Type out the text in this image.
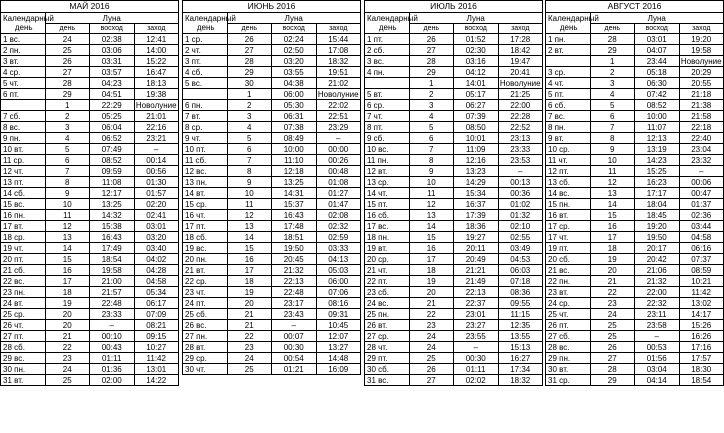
МАЙ 2016			
Календарный
день	Луна		
	день	восход	заход
1 вс.	24	02:38	12:41
2 пн.	25	03:06	14:00
3 вт.	26	03:31	15:22
4 ср.	27	03:57	16:47
5 чт.	28	04:23	18:13
6 пт.	29	04:51	19:38
	1	22:29	Новолуние
7 сб.	2	05:25	21:01
8 вс.	3	06:04	22:16
9 пн.	4	06:52	23:21
10 вт.	5	07:49	–
11 ср.	6	08:52	00:14
12 чт.	7	09:59	00:56
13 пт.	8	11:08	01:30
14 сб.	9	12:17	01:57
15 вс.	10	13:25	02:20
16 пн.	11	14:32	02:41
17 вт.	12	15:38	03:01
18 ср.	13	16:43	03:20
19 чт.	14	17:49	03:40
20 пт.	15	18:54	04:02
21 сб.	16	19:58	04:28
22 вс.	17	21:00	04:58
23 пн.	18	21:57	05:34
24 вт.	19	22:48	06:17
25 ср.	20	23:33	07:09
26 чт.	20	–	08:21
27 пт.	21	00:10	09:15
28 сб.	22	00:43	10:27
29 вс.	23	01:11	11:42
30 пн.	24	01:36	13:01
31 вт.	25	02:00	14:22
ИЮНЬ 2016			
Календарный
день	Луна		
	день	восход	заход
1 ср.	26	02:24	15:44
2 чт.	27	02:50	17:08
3 пт.	28	03:20	18:32
4 сб.	29	03:55	19:51
5 вс.	30	04:38	21:02
	1	06:00	Новолуние
6 пн.	2	05:30	22:02
7 вт.	3	06:31	22:51
8 ср.	4	07:38	23:29
9 чт.	5	08:49	–
10 пт.	6	10:00	00:00
11 сб.	7	11:10	00:26
12 вс.	8	12:18	00:48
13 пн.	9	13:25	01:08
14 вт.	10	14:31	01:27
15 ср.	11	15:37	01:47
16 чт.	12	16:43	02:08
17 пт.	13	17:48	02:32
18 сб.	14	18:51	02:59
19 вс.	15	19:50	03:33
20 пн.	16	20:45	04:13
21 вт.	17	21:32	05:03
22 ср.	18	22:13	06:00
23 чт.	19	22:48	07:06
24 пт.	20	23:17	08:16
25 сб.	21	23:43	09:31
26 вс.	21	–	10:45
27 пн.	22	00:07	12:07
28 вт.	23	00:30	13:27
29 ср.	24	00:54	14:48
30 чт.	25	01:21	16:09
ИЮЛЬ 2016			
Календарный
день	Луна		
	день	восход	заход
1 пт.	26	01:52	17:28
2 сб.	27	02:30	18:42
3 вс.	28	03:16	19:47
4 пн.	29	04:12	20:41
	1	14:01	Новолуние
5 вт.	2	05:17	21:25
6 ср.	3	06:27	22:00
7 чт.	4	07:39	22:28
8 пт.	5	08:50	22:52
9 сб.	6	10:01	23:13
10 вс.	7	11:09	23:33
11 пн.	8	12:16	23:53
12 вт.	9	13:23	–
13 ср.	10	14:29	00:13
14 чт.	11	15:34	00:36
15 пт.	12	16:37	01:02
16 сб.	13	17:39	01:32
17 вс.	14	18:36	02:10
18 пн.	15	19:27	02:55
19 вт.	16	20:11	03:49
20 ср.	17	20:49	04:53
21 чт.	18	21:21	06:03
22 пт.	19	21:49	07:18
23 сб.	20	22:13	08:36
24 вс.	21	22:37	09:55
25 пн.	22	23:01	11:15
26 вт.	23	23:27	12:35
27 ср.	24	23:55	13:55
28 чт.	24	–	15:13
29 пт.	25	00:30	16:27
30 сб.	26	01:11	17:34
31 вс.	27	02:02	18:32
АВГУСТ 2016			
Календарный
день	Луна		
	день	восход	заход
1 пн.	28	03:01	19:20
2 вт.	29	04:07	19:58
	1	23:44	Новолуние
3 ср.	2	05:18	20:29
4 чт.	3	06:30	20:55
5 пт.	4	07:42	21:18
6 сб.	5	08:52	21:38
7 вс.	6	10:00	21:58
8 пн.	7	11:07	22:18
9 вт.	8	12:13	22:40
10 ср.	9	13:19	23:04
11 чт.	10	14:23	23:32
12 пт.	11	15:25	–
13 сб.	12	16:23	00:06
14 вс.	13	17:17	00:47
15 пн.	14	18:04	01:37
16 вт.	15	18:45	02:36
17 ср.	16	19:20	03:44
17 чт.	17	19:50	04:58
19 пт.	18	20:17	06:16
20 сб.	19	20:42	07:37
21 вс.	20	21:06	08:59
22 пн.	21	21:32	10:21
23 вт.	22	22:00	11:42
24 ср.	23	22:32	13:02
25 чт.	24	23:11	14:17
26 пт.	25	23:58	15:26
27 сб.	25	–	16:26
28 вс.	26	00:53	17:16
29 пн.	27	01:56	17:57
30 вт.	28	03:04	18:30
31 ср.	29	04:14	18:54
